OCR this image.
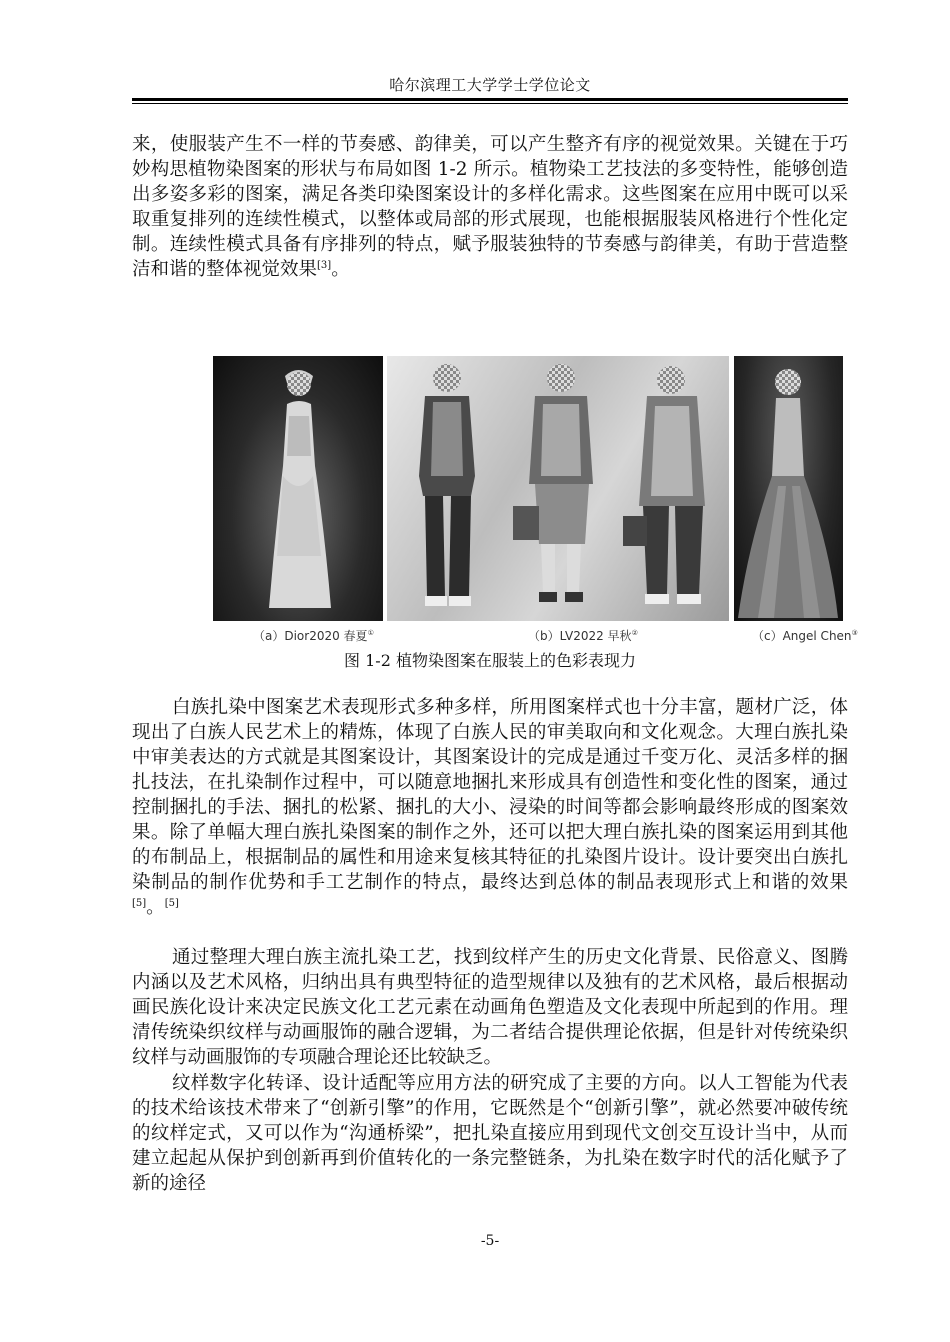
哈尔滨理工大学学士学位论文

来，使服装产生不一样的节奏感、韵律美，可以产生整齐有序的视觉效果。关键在于巧妙构思植物染图案的形状与布局如图 1-2 所示。植物染工艺技法的多变特性，能够创造出多姿多彩的图案，满足各类印染图案设计的多样化需求。这些图案在应用中既可以采取重复排列的连续性模式，以整体或局部的形式展现，也能根据服装风格进行个性化定制。连续性模式具备有序排列的特点，赋予服装独特的节奏感与韵律美，有助于营造整洁和谐的整体视觉效果[3]。

（a）Dior2020 春夏①	（b）LV2022 早秋②	（c）Angel Chen③
图 1-2 植物染图案在服装上的色彩表现力

白族扎染中图案艺术表现形式多种多样，所用图案样式也十分丰富，题材广泛，体现出了白族人民艺术上的精炼，体现了白族人民的审美取向和文化观念。大理白族扎染中审美表达的方式就是其图案设计，其图案设计的完成是通过千变万化、灵活多样的捆扎技法，在扎染制作过程中，可以随意地捆扎来形成具有创造性和变化性的图案，通过控制捆扎的手法、捆扎的松紧、捆扎的大小、浸染的时间等都会影响最终形成的图案效果。除了单幅大理白族扎染图案的制作之外，还可以把大理白族扎染的图案运用到其他的布制品上，根据制品的属性和用途来复核其特征的扎染图片设计。设计要突出白族扎染制品的制作优势和手工艺制作的特点，最终达到总体的制品表现形式上和谐的效果[5]。[5]

通过整理大理白族主流扎染工艺，找到纹样产生的历史文化背景、民俗意义、图腾内涵以及艺术风格，归纳出具有典型特征的造型规律以及独有的艺术风格，最后根据动画民族化设计来决定民族文化工艺元素在动画角色塑造及文化表现中所起到的作用。理清传统染织纹样与动画服饰的融合逻辑，为二者结合提供理论依据，但是针对传统染织纹样与动画服饰的专项融合理论还比较缺乏。

纹样数字化转译、设计适配等应用方法的研究成了主要的方向。以人工智能为代表的技术给该技术带来了“创新引擎”的作用，它既然是个“创新引擎”，就必然要冲破传统的纹样定式，又可以作为“沟通桥梁”，把扎染直接应用到现代文创交互设计当中，从而建立起起从保护到创新再到价值转化的一条完整链条，为扎染在数字时代的活化赋予了新的途径

-5-
